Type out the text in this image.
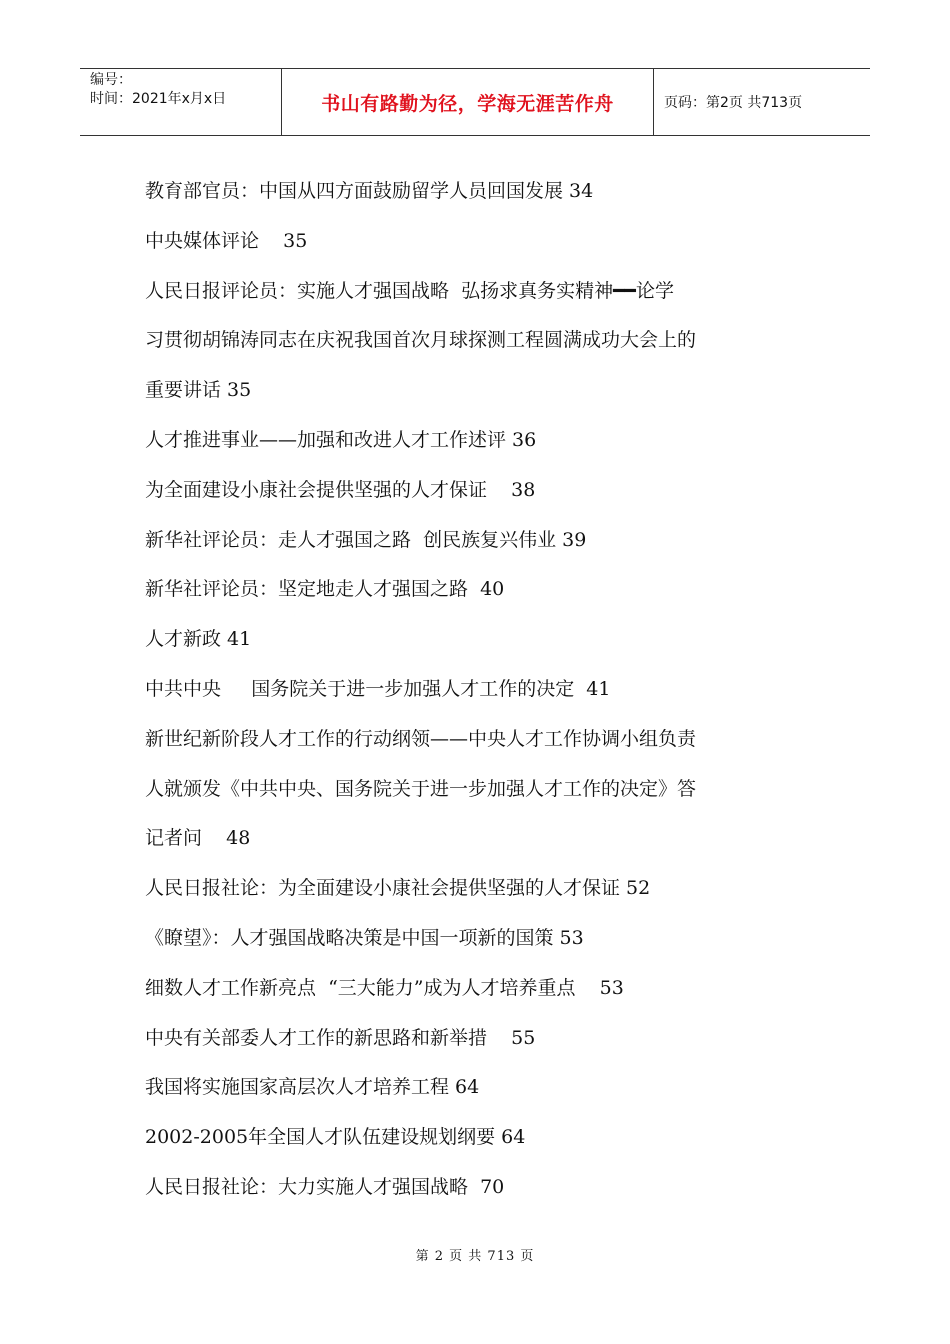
编号：
时间：2021年x月x日	书山有路勤为径，学海无涯苦作舟	页码：第2页 共713页
教育部官员：中国从四方面鼓励留学人员回国发展 34
中央媒体评论    35
人民日报评论员：实施人才强国战略  弘扬求真务实精神━━论学
习贯彻胡锦涛同志在庆祝我国首次月球探测工程圆满成功大会上的
重要讲话 35
人才推进事业——加强和改进人才工作述评 36
为全面建设小康社会提供坚强的人才保证    38
新华社评论员：走人才强国之路  创民族复兴伟业 39
新华社评论员：坚定地走人才强国之路  40
人才新政 41
中共中央     国务院关于进一步加强人才工作的决定  41
新世纪新阶段人才工作的行动纲领——中央人才工作协调小组负责
人就颁发《中共中央、国务院关于进一步加强人才工作的决定》答
记者问    48
人民日报社论：为全面建设小康社会提供坚强的人才保证 52
《瞭望》：人才强国战略决策是中国一项新的国策 53
细数人才工作新亮点  “三大能力”成为人才培养重点    53
中央有关部委人才工作的新思路和新举措    55
我国将实施国家高层次人才培养工程 64
2002-2005年全国人才队伍建设规划纲要 64
人民日报社论：大力实施人才强国战略  70
第 2 页 共 713 页
